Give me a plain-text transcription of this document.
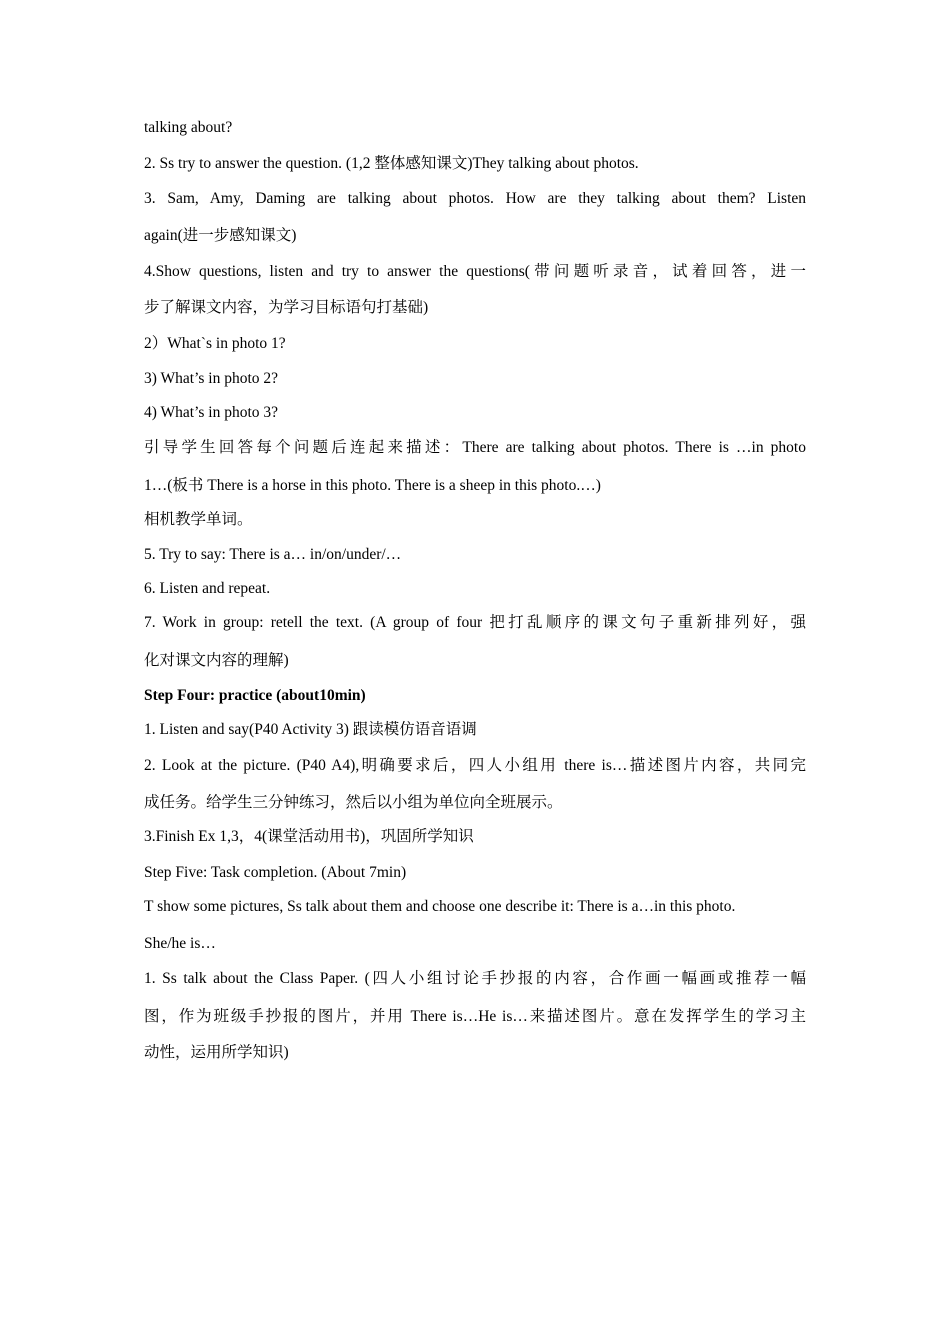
talking about?
2. Ss try to answer the question. (1,2 整体感知课文)They talking about photos.
3. Sam, Amy, Daming are talking about photos. How are they talking about them? Listen
again(进一步感知课文)
4.Show questions, listen and try to answer the questions(带问题听录音，试着回答，进一
步了解课文内容，为学习目标语句打基础)
2）What`s in photo 1?
3) What’s in photo 2?
4) What’s in photo 3?
引导学生回答每个问题后连起来描述：There are talking about photos. There is …in photo
1…(板书 There is a horse in this photo. There is a sheep in this photo.…)
相机教学单词。
5. Try to say: There is a… in/on/under/…
6. Listen and repeat.
7. Work in group: retell the text. (A group of four 把打乱顺序的课文句子重新排列好，强
化对课文内容的理解)
Step Four: practice (about10min)
1. Listen and say(P40 Activity 3) 跟读模仿语音语调
2. Look at the picture. (P40 A4),明确要求后，四人小组用 there is…描述图片内容，共同完
成任务。给学生三分钟练习，然后以小组为单位向全班展示。
3.Finish Ex 1,3，4(课堂活动用书)，巩固所学知识
Step Five: Task completion. (About 7min)
T show some pictures, Ss talk about them and choose one describe it: There is a…in this photo.
She/he is…
1. Ss talk about the Class Paper. (四人小组讨论手抄报的内容，合作画一幅画或推荐一幅
图，作为班级手抄报的图片，并用 There is…He is…来描述图片。意在发挥学生的学习主
动性，运用所学知识)
